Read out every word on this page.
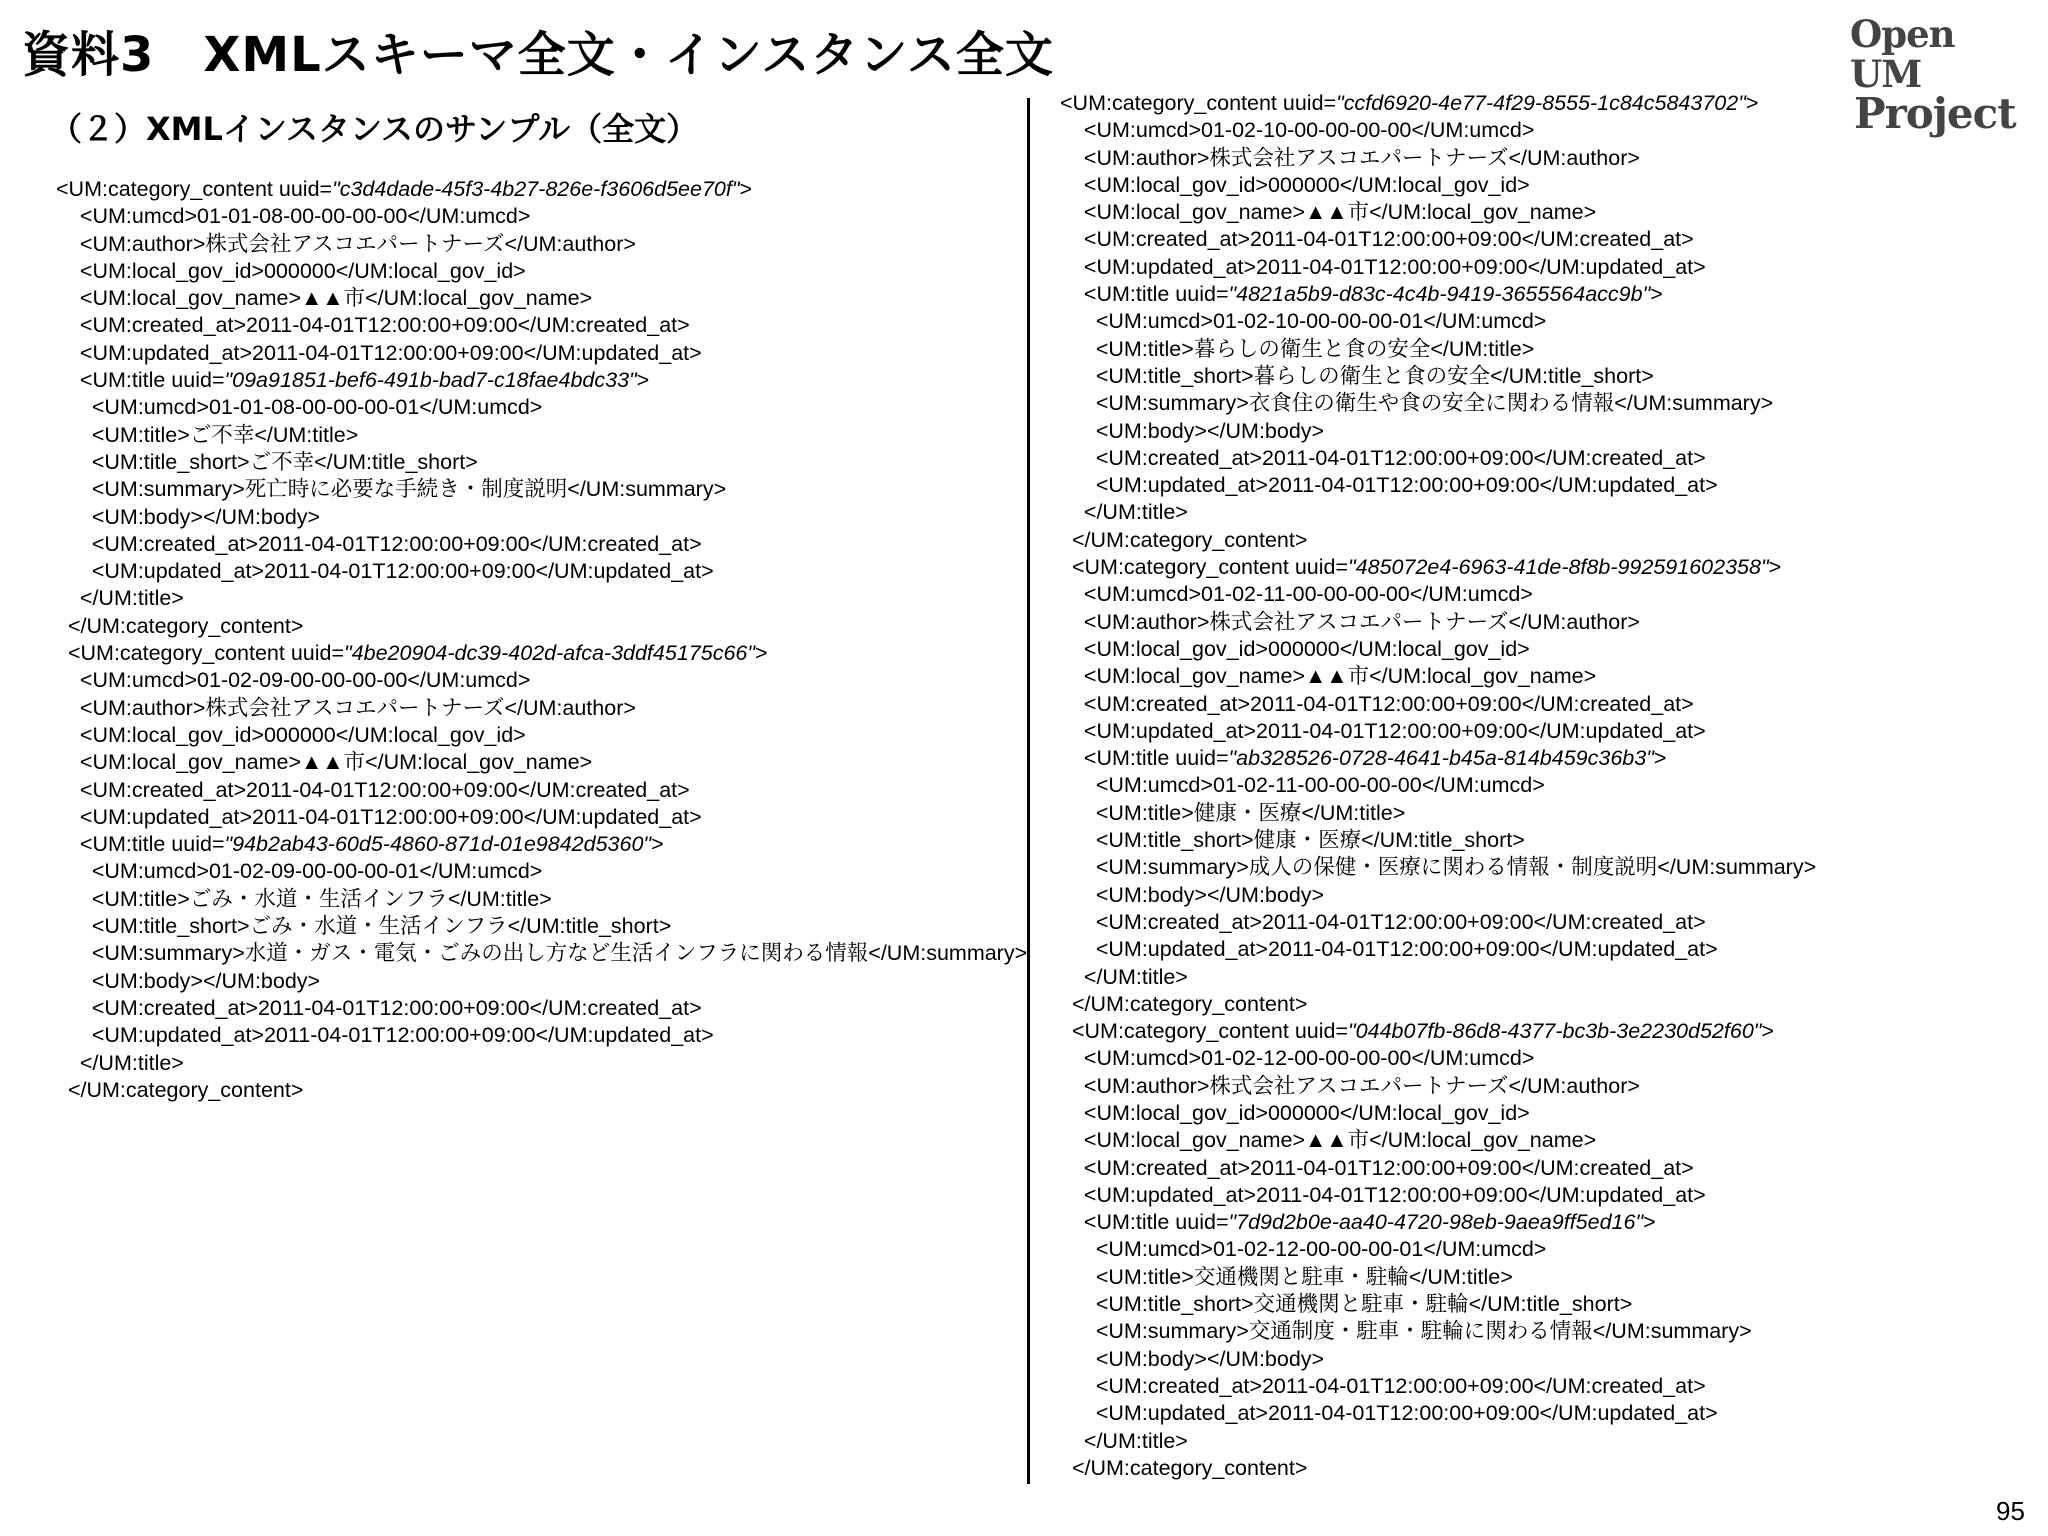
資料3　XMLスキーマ全文・インスタンス全文	Open UM
Project
（２）XMLインスタンスのサンプル（全文）
<UM:category_content uuid="c3d4dade-45f3-4b27-826e-f3606d5ee70f">
<UM:umcd>01-01-08-00-00-00-00</UM:umcd>
<UM:author>株式会社アスコエパートナーズ</UM:author>
<UM:local_gov_id>000000</UM:local_gov_id>
<UM:local_gov_name>▲▲市</UM:local_gov_name>
<UM:created_at>2011-04-01T12:00:00+09:00</UM:created_at>
<UM:updated_at>2011-04-01T12:00:00+09:00</UM:updated_at>
<UM:title uuid="09a91851-bef6-491b-bad7-c18fae4bdc33">
<UM:umcd>01-01-08-00-00-00-01</UM:umcd>
<UM:title>ご不幸</UM:title>
<UM:title_short>ご不幸</UM:title_short>
<UM:summary>死亡時に必要な手続き・制度説明</UM:summary>
<UM:body></UM:body>
<UM:created_at>2011-04-01T12:00:00+09:00</UM:created_at>
<UM:updated_at>2011-04-01T12:00:00+09:00</UM:updated_at>
</UM:title>
</UM:category_content>
<UM:category_content uuid="4be20904-dc39-402d-afca-3ddf45175c66">
<UM:umcd>01-02-09-00-00-00-00</UM:umcd>
<UM:author>株式会社アスコエパートナーズ</UM:author>
<UM:local_gov_id>000000</UM:local_gov_id>
<UM:local_gov_name>▲▲市</UM:local_gov_name>
<UM:created_at>2011-04-01T12:00:00+09:00</UM:created_at>
<UM:updated_at>2011-04-01T12:00:00+09:00</UM:updated_at>
<UM:title uuid="94b2ab43-60d5-4860-871d-01e9842d5360">
<UM:umcd>01-02-09-00-00-00-01</UM:umcd>
<UM:title>ごみ・水道・生活インフラ</UM:title>
<UM:title_short>ごみ・水道・生活インフラ</UM:title_short>
<UM:summary>水道・ガス・電気・ごみの出し方など生活インフラに関わる情報</UM:summary>
<UM:body></UM:body>
<UM:created_at>2011-04-01T12:00:00+09:00</UM:created_at>
<UM:updated_at>2011-04-01T12:00:00+09:00</UM:updated_at>
</UM:title>
</UM:category_content>
<UM:category_content uuid="ccfd6920-4e77-4f29-8555-1c84c5843702">
<UM:umcd>01-02-10-00-00-00-00</UM:umcd>
<UM:author>株式会社アスコエパートナーズ</UM:author>
<UM:local_gov_id>000000</UM:local_gov_id>
<UM:local_gov_name>▲▲市</UM:local_gov_name>
<UM:created_at>2011-04-01T12:00:00+09:00</UM:created_at>
<UM:updated_at>2011-04-01T12:00:00+09:00</UM:updated_at>
<UM:title uuid="4821a5b9-d83c-4c4b-9419-3655564acc9b">
<UM:umcd>01-02-10-00-00-00-01</UM:umcd>
<UM:title>暮らしの衛生と食の安全</UM:title>
<UM:title_short>暮らしの衛生と食の安全</UM:title_short>
<UM:summary>衣食住の衛生や食の安全に関わる情報</UM:summary>
<UM:body></UM:body>
<UM:created_at>2011-04-01T12:00:00+09:00</UM:created_at>
<UM:updated_at>2011-04-01T12:00:00+09:00</UM:updated_at>
</UM:title>
</UM:category_content>
<UM:category_content uuid="485072e4-6963-41de-8f8b-992591602358">
<UM:umcd>01-02-11-00-00-00-00</UM:umcd>
<UM:author>株式会社アスコエパートナーズ</UM:author>
<UM:local_gov_id>000000</UM:local_gov_id>
<UM:local_gov_name>▲▲市</UM:local_gov_name>
<UM:created_at>2011-04-01T12:00:00+09:00</UM:created_at>
<UM:updated_at>2011-04-01T12:00:00+09:00</UM:updated_at>
<UM:title uuid="ab328526-0728-4641-b45a-814b459c36b3">
<UM:umcd>01-02-11-00-00-00-00</UM:umcd>
<UM:title>健康・医療</UM:title>
<UM:title_short>健康・医療</UM:title_short>
<UM:summary>成人の保健・医療に関わる情報・制度説明</UM:summary>
<UM:body></UM:body>
<UM:created_at>2011-04-01T12:00:00+09:00</UM:created_at>
<UM:updated_at>2011-04-01T12:00:00+09:00</UM:updated_at>
</UM:title>
</UM:category_content>
<UM:category_content uuid="044b07fb-86d8-4377-bc3b-3e2230d52f60">
<UM:umcd>01-02-12-00-00-00-00</UM:umcd>
<UM:author>株式会社アスコエパートナーズ</UM:author>
<UM:local_gov_id>000000</UM:local_gov_id>
<UM:local_gov_name>▲▲市</UM:local_gov_name>
<UM:created_at>2011-04-01T12:00:00+09:00</UM:created_at>
<UM:updated_at>2011-04-01T12:00:00+09:00</UM:updated_at>
<UM:title uuid="7d9d2b0e-aa40-4720-98eb-9aea9ff5ed16">
<UM:umcd>01-02-12-00-00-00-01</UM:umcd>
<UM:title>交通機関と駐車・駐輪</UM:title>
<UM:title_short>交通機関と駐車・駐輪</UM:title_short>
<UM:summary>交通制度・駐車・駐輪に関わる情報</UM:summary>
<UM:body></UM:body>
<UM:created_at>2011-04-01T12:00:00+09:00</UM:created_at>
<UM:updated_at>2011-04-01T12:00:00+09:00</UM:updated_at>
</UM:title>
</UM:category_content>
95
